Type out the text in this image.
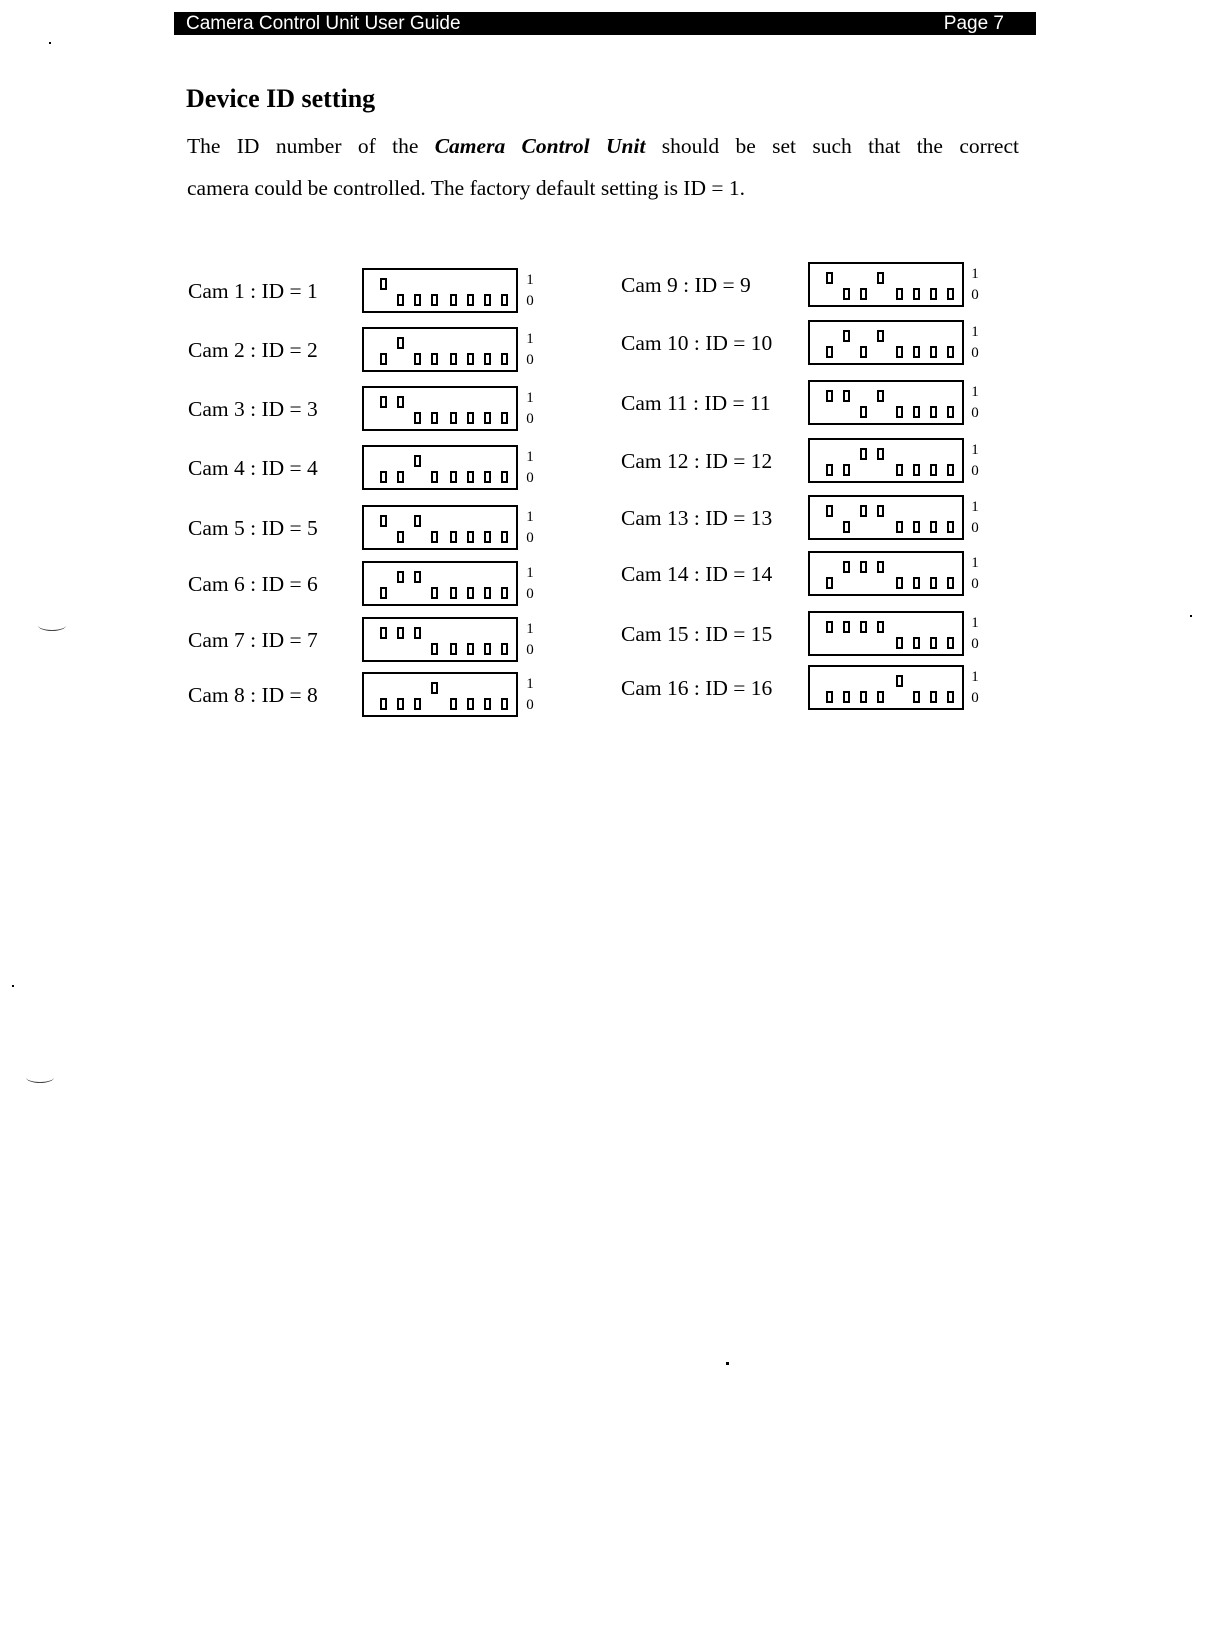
Camera Control Unit User Guide	Page 7
Device ID setting

The ID number of the Camera Control Unit should be set such that the correct
camera could be controlled. The factory default setting is ID = 1.

Cam 1 : ID = 1	1
0
Cam 2 : ID = 2	1
0
Cam 3 : ID = 3	1
0
Cam 4 : ID = 4	1
0
Cam 5 : ID = 5	1
0
Cam 6 : ID = 6	1
0
Cam 7 : ID = 7	1
0
Cam 8 : ID = 8	1
0
Cam 9 : ID = 9	1
0
Cam 10 : ID = 10	1
0
Cam 11 : ID = 11	1
0
Cam 12 : ID = 12	1
0
Cam 13 : ID = 13	1
0
Cam 14 : ID = 14	1
0
Cam 15 : ID = 15	1
0
Cam 16 : ID = 16	1
0
